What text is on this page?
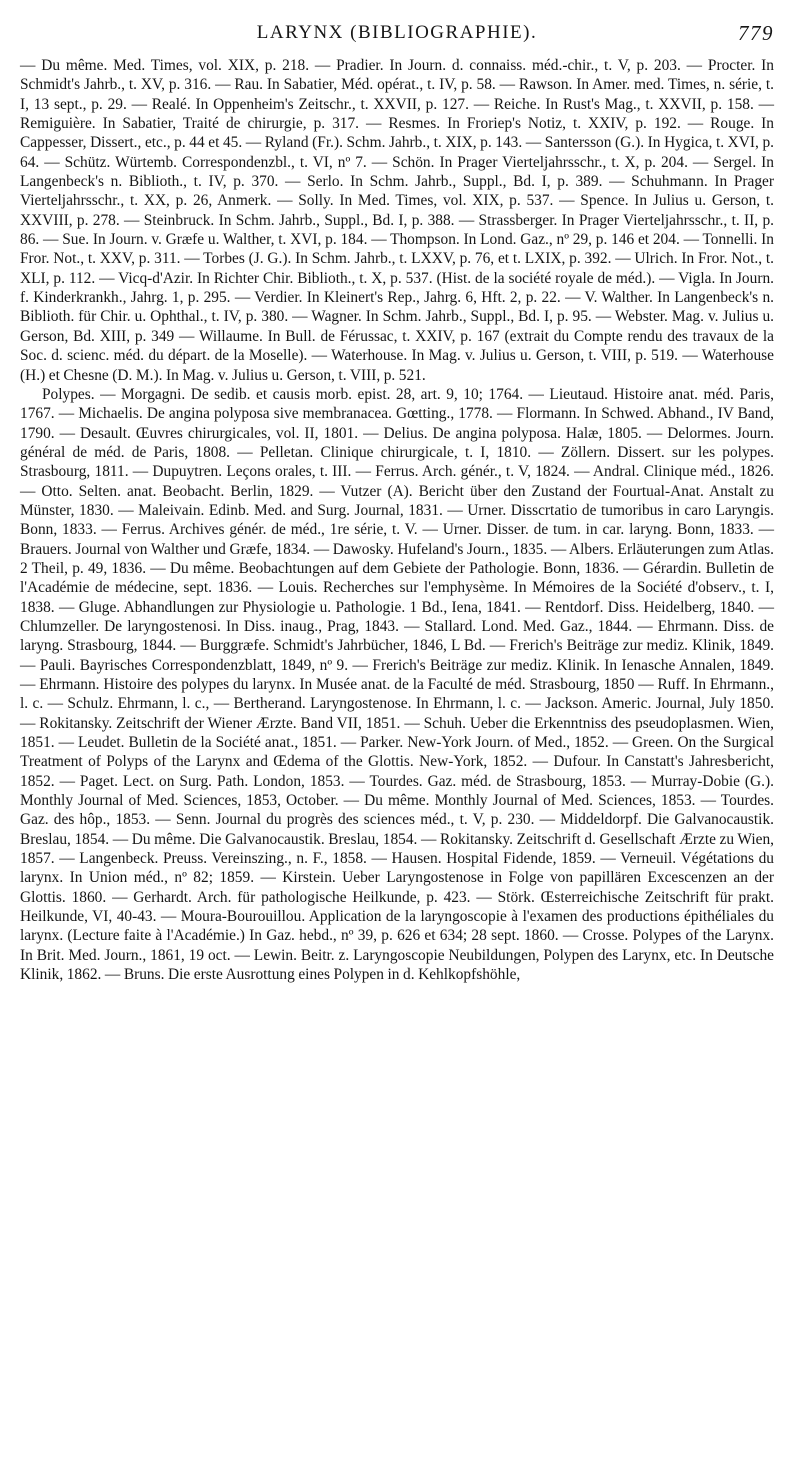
LARYNX (BIBLIOGRAPHIE).	779

— Du même. Med. Times, vol. XIX, p. 218. — Pradier. In Journ. d. connaiss. méd.-chir., t. V, p. 203. — Procter. In Schmidt's Jahrb., t. XV, p. 316. — Rau. In Sabatier, Méd. opérat., t. IV, p. 58. — Rawson. In Amer. med. Times, n. série, t. I, 13 sept., p. 29. — Realé. In Oppenheim's Zeitschr., t. XXVII, p. 127. — Reiche. In Rust's Mag., t. XXVII, p. 158. — Remiguière. In Sabatier, Traité de chirurgie, p. 317. — Resmes. In Froriep's Notiz, t. XXIV, p. 192. — Rouge. In Cappesser, Dissert., etc., p. 44 et 45. — Ryland (Fr.). Schm. Jahrb., t. XIX, p. 143. — Santersson (G.). In Hygica, t. XVI, p. 64. — Schütz. Würtemb. Correspondenzbl., t. VI, nº 7. — Schön. In Prager Vierteljahrsschr., t. X, p. 204. — Sergel. In Langenbeck's n. Biblioth., t. IV, p. 370. — Serlo. In Schm. Jahrb., Suppl., Bd. I, p. 389. — Schuhmann. In Prager Vierteljahrsschr., t. XX, p. 26, Anmerk. — Solly. In Med. Times, vol. XIX, p. 537. — Spence. In Julius u. Gerson, t. XXVIII, p. 278. — Steinbruck. In Schm. Jahrb., Suppl., Bd. I, p. 388. — Strassberger. In Prager Vierteljahrsschr., t. II, p. 86. — Sue. In Journ. v. Græfe u. Walther, t. XVI, p. 184. — Thompson. In Lond. Gaz., nº 29, p. 146 et 204. — Tonnelli. In Fror. Not., t. XXV, p. 311. — Torbes (J. G.). In Schm. Jahrb., t. LXXV, p. 76, et t. LXIX, p. 392. — Ulrich. In Fror. Not., t. XLI, p. 112. — Vicq-d'Azir. In Richter Chir. Biblioth., t. X, p. 537. (Hist. de la société royale de méd.). — Vigla. In Journ. f. Kinderkrankh., Jahrg. 1, p. 295. — Verdier. In Kleinert's Rep., Jahrg. 6, Hft. 2, p. 22. — V. Walther. In Langenbeck's n. Biblioth. für Chir. u. Ophthal., t. IV, p. 380. — Wagner. In Schm. Jahrb., Suppl., Bd. I, p. 95. — Webster. Mag. v. Julius u. Gerson, Bd. XIII, p. 349 — Willaume. In Bull. de Férussac, t. XXIV, p. 167 (extrait du Compte rendu des travaux de la Soc. d. scienc. méd. du départ. de la Moselle). — Waterhouse. In Mag. v. Julius u. Gerson, t. VIII, p. 519. — Waterhouse (H.) et Chesne (D. M.). In Mag. v. Julius u. Gerson, t. VIII, p. 521.

Polypes. — Morgagni. De sedib. et causis morb. epist. 28, art. 9, 10; 1764. — Lieutaud. Histoire anat. méd. Paris, 1767. — Michaelis. De angina polyposa sive membranacea. Gœtting., 1778. — Flormann. In Schwed. Abhand., IV Band, 1790. — Desault. Œuvres chirurgicales, vol. II, 1801. — Delius. De angina polyposa. Halæ, 1805. — Delormes. Journ. général de méd. de Paris, 1808. — Pelletan. Clinique chirurgicale, t. I, 1810. — Zöllern. Dissert. sur les polypes. Strasbourg, 1811. — Dupuytren. Leçons orales, t. III. — Ferrus. Arch. génér., t. V, 1824. — Andral. Clinique méd., 1826. — Otto. Selten. anat. Beobacht. Berlin, 1829. — Vutzer (A). Bericht über den Zustand der Fourtual-Anat. Anstalt zu Münster, 1830. — Maleivain. Edinb. Med. and Surg. Journal, 1831. — Urner. Disscrtatio de tumoribus in caro Laryngis. Bonn, 1833. — Ferrus. Archives génér. de méd., 1re série, t. V. — Urner. Disser. de tum. in car. laryng. Bonn, 1833. — Brauers. Journal von Walther und Græfe, 1834. — Dawosky. Hufeland's Journ., 1835. — Albers. Erläuterungen zum Atlas. 2 Theil, p. 49, 1836. — Du même. Beobachtungen auf dem Gebiete der Pathologie. Bonn, 1836. — Gérardin. Bulletin de l'Académie de médecine, sept. 1836. — Louis. Recherches sur l'emphysème. In Mémoires de la Société d'observ., t. I, 1838. — Gluge. Abhandlungen zur Physiologie u. Pathologie. 1 Bd., Iena, 1841. — Rentdorf. Diss. Heidelberg, 1840. — Chlumzeller. De laryngostenosi. In Diss. inaug., Prag, 1843. — Stallard. Lond. Med. Gaz., 1844. — Ehrmann. Diss. de laryng. Strasbourg, 1844. — Burggræfe. Schmidt's Jahrbücher, 1846, L Bd. — Frerich's Beiträge zur mediz. Klinik, 1849. — Pauli. Bayrisches Correspondenzblatt, 1849, nº 9. — Frerich's Beiträge zur mediz. Klinik. In Ienasche Annalen, 1849. — Ehrmann. Histoire des polypes du larynx. In Musée anat. de la Faculté de méd. Strasbourg, 1850 — Ruff. In Ehrmann., l. c. — Schulz. Ehrmann, l. c., — Bertherand. Laryngostenose. In Ehrmann, l. c. — Jackson. Americ. Journal, July 1850. — Rokitansky. Zeitschrift der Wiener Ærzte. Band VII, 1851. — Schuh. Ueber die Erkenntniss des pseudoplasmen. Wien, 1851. — Leudet. Bulletin de la Société anat., 1851. — Parker. New-York Journ. of Med., 1852. — Green. On the Surgical Treatment of Polyps of the Larynx and Œdema of the Glottis. New-York, 1852. — Dufour. In Canstatt's Jahresbericht, 1852. — Paget. Lect. on Surg. Path. London, 1853. — Tourdes. Gaz. méd. de Strasbourg, 1853. — Murray-Dobie (G.). Monthly Journal of Med. Sciences, 1853, October. — Du même. Monthly Journal of Med. Sciences, 1853. — Tourdes. Gaz. des hôp., 1853. — Senn. Journal du progrès des sciences méd., t. V, p. 230. — Middeldorpf. Die Galvanocaustik. Breslau, 1854. — Du même. Die Galvanocaustik. Breslau, 1854. — Rokitansky. Zeitschrift d. Gesellschaft Ærzte zu Wien, 1857. — Langenbeck. Preuss. Vereinszing., n. F., 1858. — Hausen. Hospital Fidende, 1859. — Verneuil. Végétations du larynx. In Union méd., nº 82; 1859. — Kirstein. Ueber Laryngostenose in Folge von papillären Excescenzen an der Glottis. 1860. — Gerhardt. Arch. für pathologische Heilkunde, p. 423. — Störk. Œsterreichische Zeitschrift für prakt. Heilkunde, VI, 40-43. — Moura-Bourouillou. Application de la laryngoscopie à l'examen des productions épithéliales du larynx. (Lecture faite à l'Académie.) In Gaz. hebd., nº 39, p. 626 et 634; 28 sept. 1860. — Crosse. Polypes of the Larynx. In Brit. Med. Journ., 1861, 19 oct. — Lewin. Beitr. z. Laryngoscopie Neubildungen, Polypen des Larynx, etc. In Deutsche Klinik, 1862. — Bruns. Die erste Ausrottung eines Polypen in d. Kehlkopfshöhle,
